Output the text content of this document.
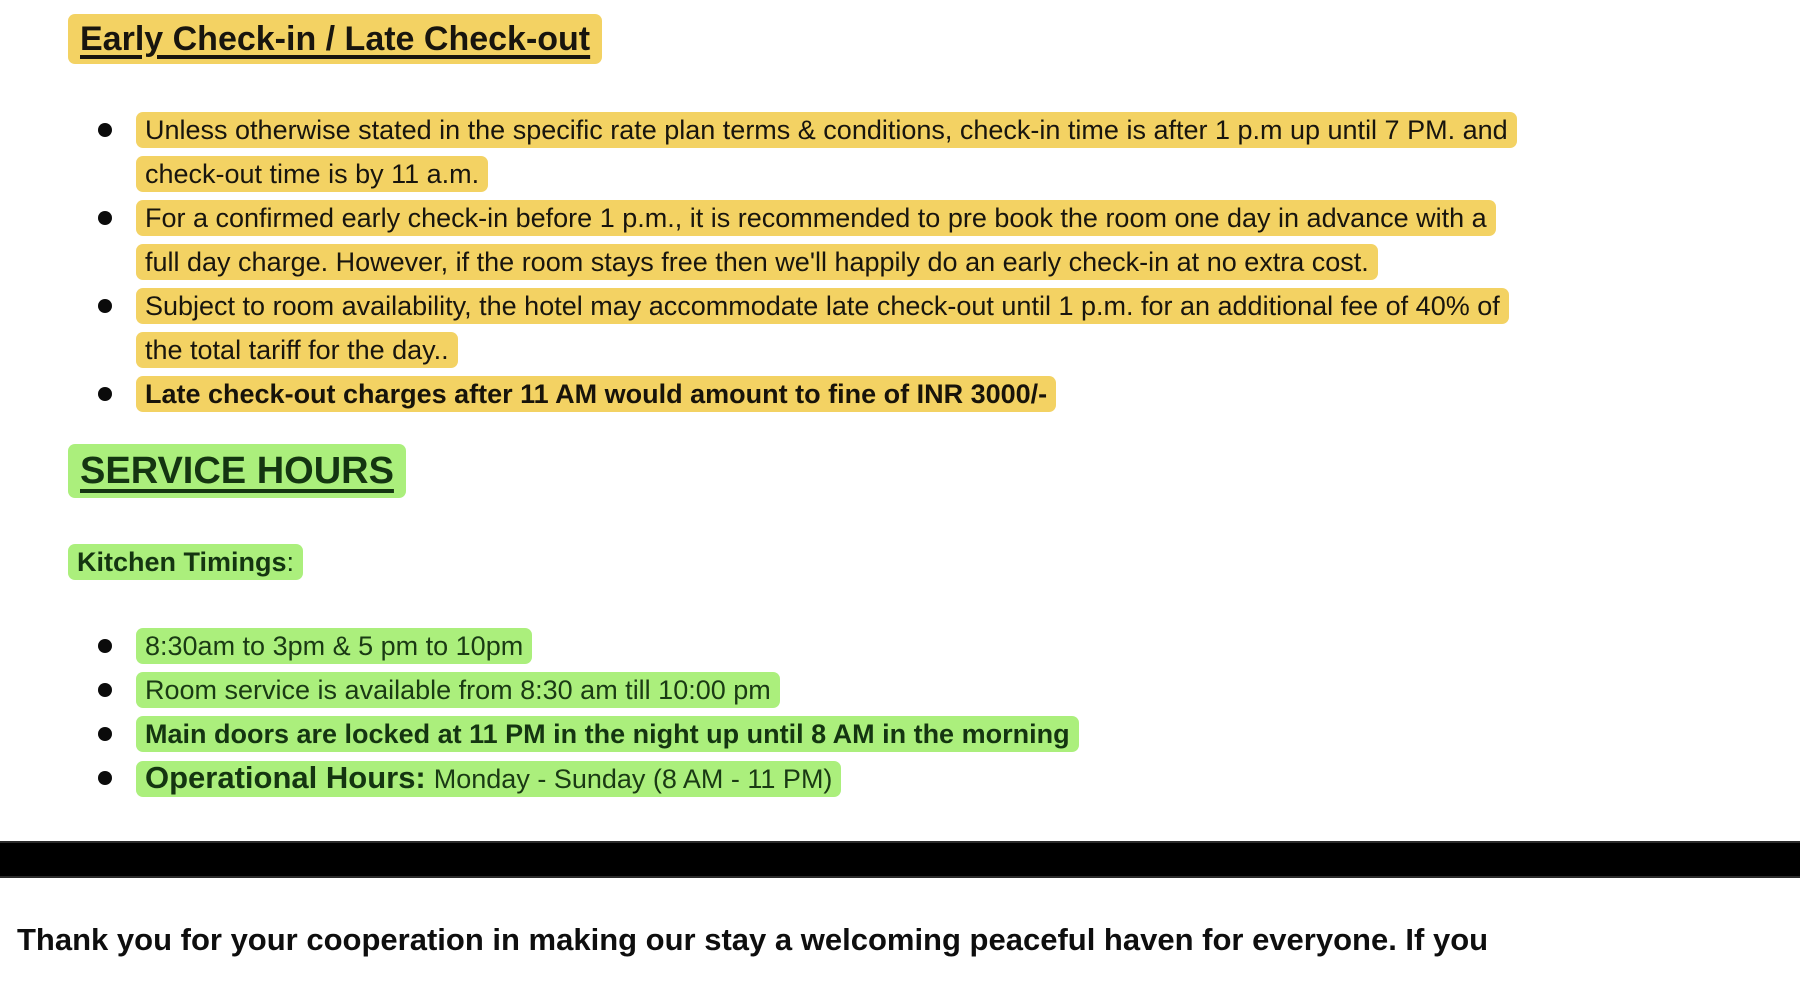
Early Check-in / Late Check-out
Unless otherwise stated in the specific rate plan terms & conditions, check-in time is after 1 p.m up until 7 PM. and check-out time is by 11 a.m.
For a confirmed early check-in before 1 p.m., it is recommended to pre book the room one day in advance with a full day charge. However, if the room stays free then we'll happily do an early check-in at no extra cost.
Subject to room availability, the hotel may accommodate late check-out until 1 p.m. for an additional fee of 40% of the total tariff for the day..
Late check-out charges after 11 AM would amount to fine of INR 3000/-
SERVICE HOURS
Kitchen Timings:
8:30am to 3pm & 5 pm to 10pm
Room service is available from 8:30 am till 10:00 pm
Main doors are locked at 11 PM in the night up until 8 AM in the morning
Operational Hours: Monday - Sunday (8 AM - 11 PM)
Thank you for your cooperation in making our stay a welcoming peaceful haven for everyone. If you
